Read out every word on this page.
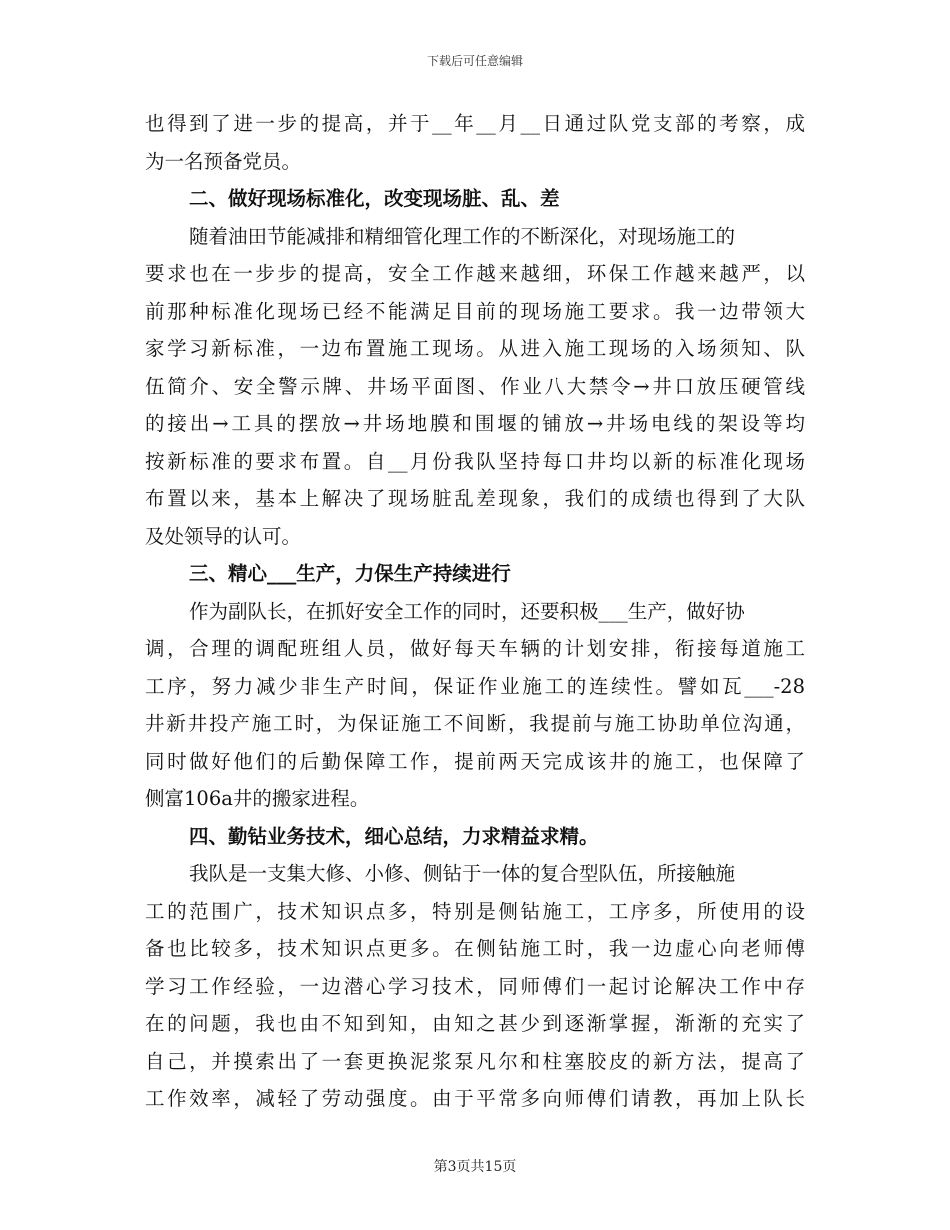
下载后可任意编辑
也得到了进一步的提高，并于__年__月__日通过队党支部的考察，成
为一名预备党员。
二、做好现场标准化，改变现场脏、乱、差
随着油田节能减排和精细管化理工作的不断深化，对现场施工的
要求也在一步步的提高，安全工作越来越细，环保工作越来越严，以
前那种标准化现场已经不能满足目前的现场施工要求。我一边带领大
家学习新标准，一边布置施工现场。从进入施工现场的入场须知、队
伍简介、安全警示牌、井场平面图、作业八大禁令→井口放压硬管线
的接出→工具的摆放→井场地膜和围堰的铺放→井场电线的架设等均
按新标准的要求布置。自__月份我队坚持每口井均以新的标准化现场
布置以来，基本上解决了现场脏乱差现象，我们的成绩也得到了大队
及处领导的认可。
三、精心___生产，力保生产持续进行
作为副队长，在抓好安全工作的同时，还要积极___生产，做好协
调，合理的调配班组人员，做好每天车辆的计划安排，衔接每道施工
工序，努力减少非生产时间，保证作业施工的连续性。譬如瓦___-28
井新井投产施工时，为保证施工不间断，我提前与施工协助单位沟通，
同时做好他们的后勤保障工作，提前两天完成该井的施工，也保障了
侧富106a井的搬家进程。
四、勤钻业务技术，细心总结，力求精益求精。
我队是一支集大修、小修、侧钻于一体的复合型队伍，所接触施
工的范围广，技术知识点多，特别是侧钻施工，工序多，所使用的设
备也比较多，技术知识点更多。在侧钻施工时，我一边虚心向老师傅
学习工作经验，一边潜心学习技术，同师傅们一起讨论解决工作中存
在的问题，我也由不知到知，由知之甚少到逐渐掌握，渐渐的充实了
自己，并摸索出了一套更换泥浆泵凡尔和柱塞胶皮的新方法，提高了
工作效率，减轻了劳动强度。由于平常多向师傅们请教，再加上队长
第3页共15页
